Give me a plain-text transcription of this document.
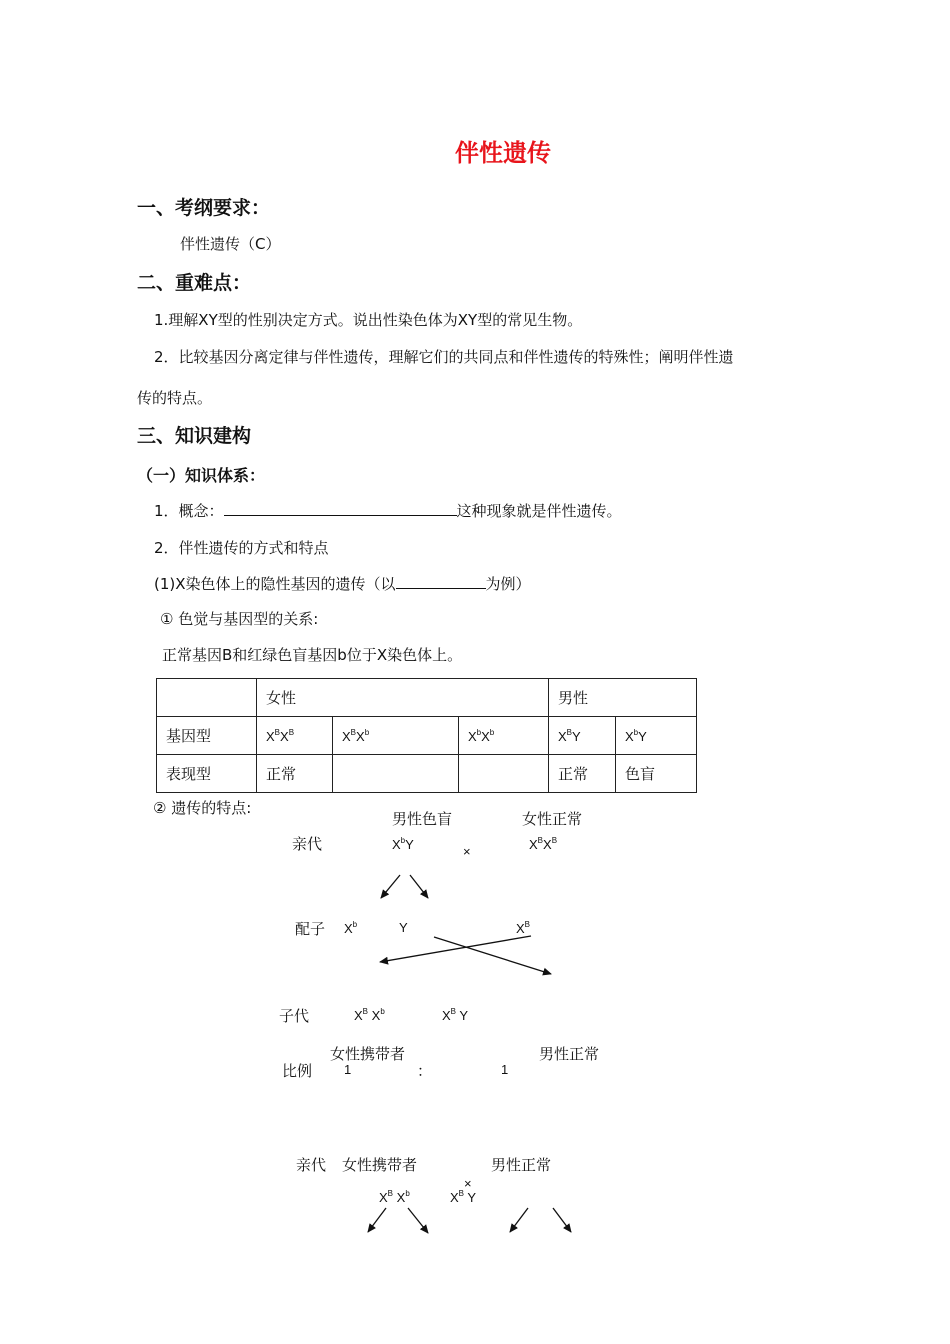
伴性遗传
一、考纲要求：
伴性遗传（C）
二、重难点：
1.理解XY型的性别决定方式。说出性染色体为XY型的常见生物。
2．比较基因分离定律与伴性遗传，理解它们的共同点和伴性遗传的特殊性；阐明伴性遗
传的特点。
三、知识建构
（一）知识体系：
1．概念：	这种现象就是伴性遗传。
2．伴性遗传的方式和特点
(1)X染色体上的隐性基因的遗传（以	为例）
① 色觉与基因型的关系:
正常基因B和红绿色盲基因b位于X染色体上。
	女性			男性	
基因型	$X^BX^B$	$X^BX^b$	$X^bX^b$	$X^BY$	$X^bY$
表现型	正常			正常	色盲
② 遗传的特点:
男性色盲	女性正常
亲代	$X^bY$	×	$X^BX^B$
配子 $X^b$	Y	$X^B$
子代	$X^B$ $X^b$	$X^B$ Y
女性携带者	男性正常
比例 1	：	1
亲代 女性携带者	男性正常
×
$X^B$ $X^b$	$X^B$ Y
